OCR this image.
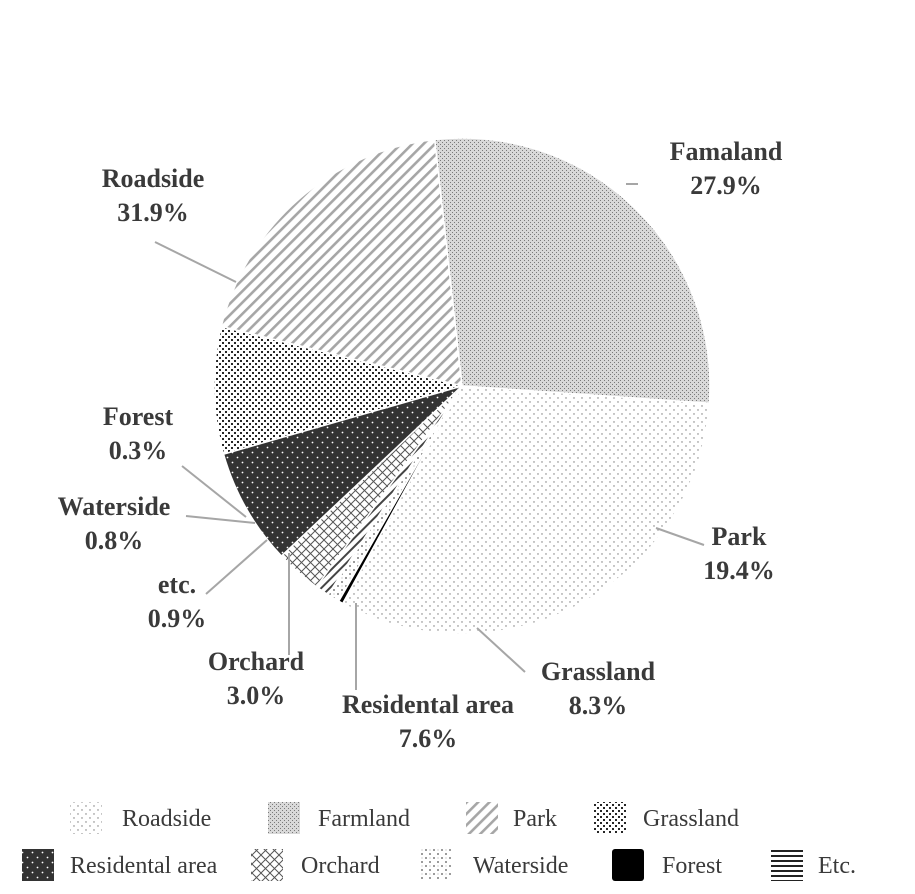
Famaland
27.9%
Park
19.4%
Grassland
8.3%
Residental area
7.6%
Orchard
3.0%
etc.
0.9%
Waterside
0.8%
Forest
0.3%
Roadside
31.9%
Roadside	Farmland	Park	Grassland
Residental area	Orchard	Waterside	Forest	Etc.
